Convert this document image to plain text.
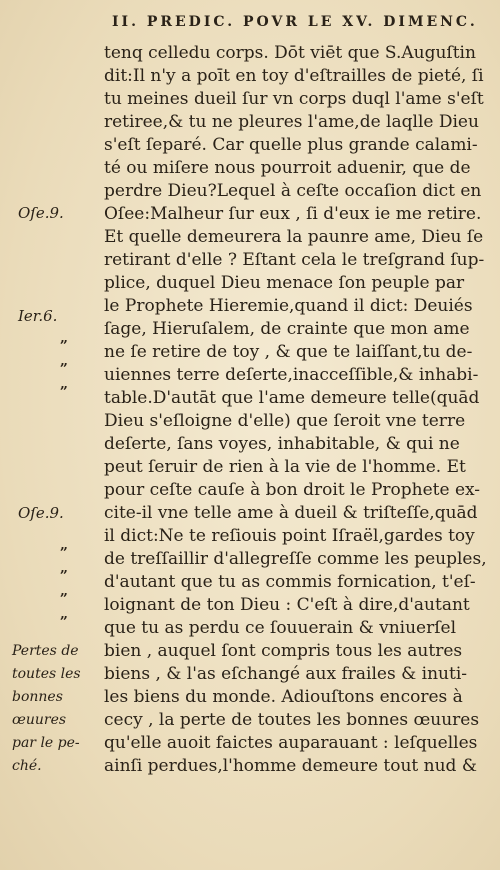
II. PREDIC. POVR LE XV. DIMENC.
tenq celledu corps. Dōt viēt que S.Auguſtin
dit:Il n'y a poīt en toy d'eſtrailles de pieté, ſi
tu meines dueil ſur vn corps duql l'ame s'eſt
retiree,& tu ne pleures l'ame,de laqlle Dieu
s'eſt ſeparé. Car quelle plus grande calami-
té ou miſere nous pourroit aduenir, que de
perdre Dieu?Lequel à ceſte occaſion dict en
Oſee:Malheur ſur eux , ſi d'eux ie me retire.
Et quelle demeurera la paunre ame, Dieu ſe
retirant d'elle ? Eſtant cela le treſgrand ſup-
plice, duquel Dieu menace ſon peuple par
le Prophete Hieremie,quand il dict: Deuiés
ſage, Hieruſalem, de crainte que mon ame
ne ſe retire de toy , & que te laiſſant,tu de-
uiennes terre deſerte,inacceſſible,& inhabi-
table.D'autāt que l'ame demeure telle(quād
Dieu s'eſloigne d'elle) que ſeroit vne terre
deſerte, ſans voyes, inhabitable, & qui ne
peut ſeruir de rien à la vie de l'homme. Et
pour ceſte cauſe à bon droit le Prophete ex-
cite-il vne telle ame à dueil & triſteſſe,quād
il dict:Ne te reſiouis point Iſraël,gardes toy
de treſſaillir d'allegreſſe comme les peuples,
d'autant que tu as commis fornication, t'eſ-
loignant de ton Dieu : C'eſt à dire,d'autant
que tu as perdu ce ſouuerain & vniuerſel
bien , auquel ſont compris tous les autres
biens , & l'as eſchangé aux frailes & inuti-
les biens du monde. Adiouſtons encores à
cecy , la perte de toutes les bonnes œuures
qu'elle auoit faictes auparauant : leſquelles
ainſi perdues,l'homme demeure tout nud &
„
„
„
„
„
„
„
Oſe.9.
Ier.6.
Oſe.9.
Pertes de
toutes les
bonnes
œuures
par le pe-
ché.
